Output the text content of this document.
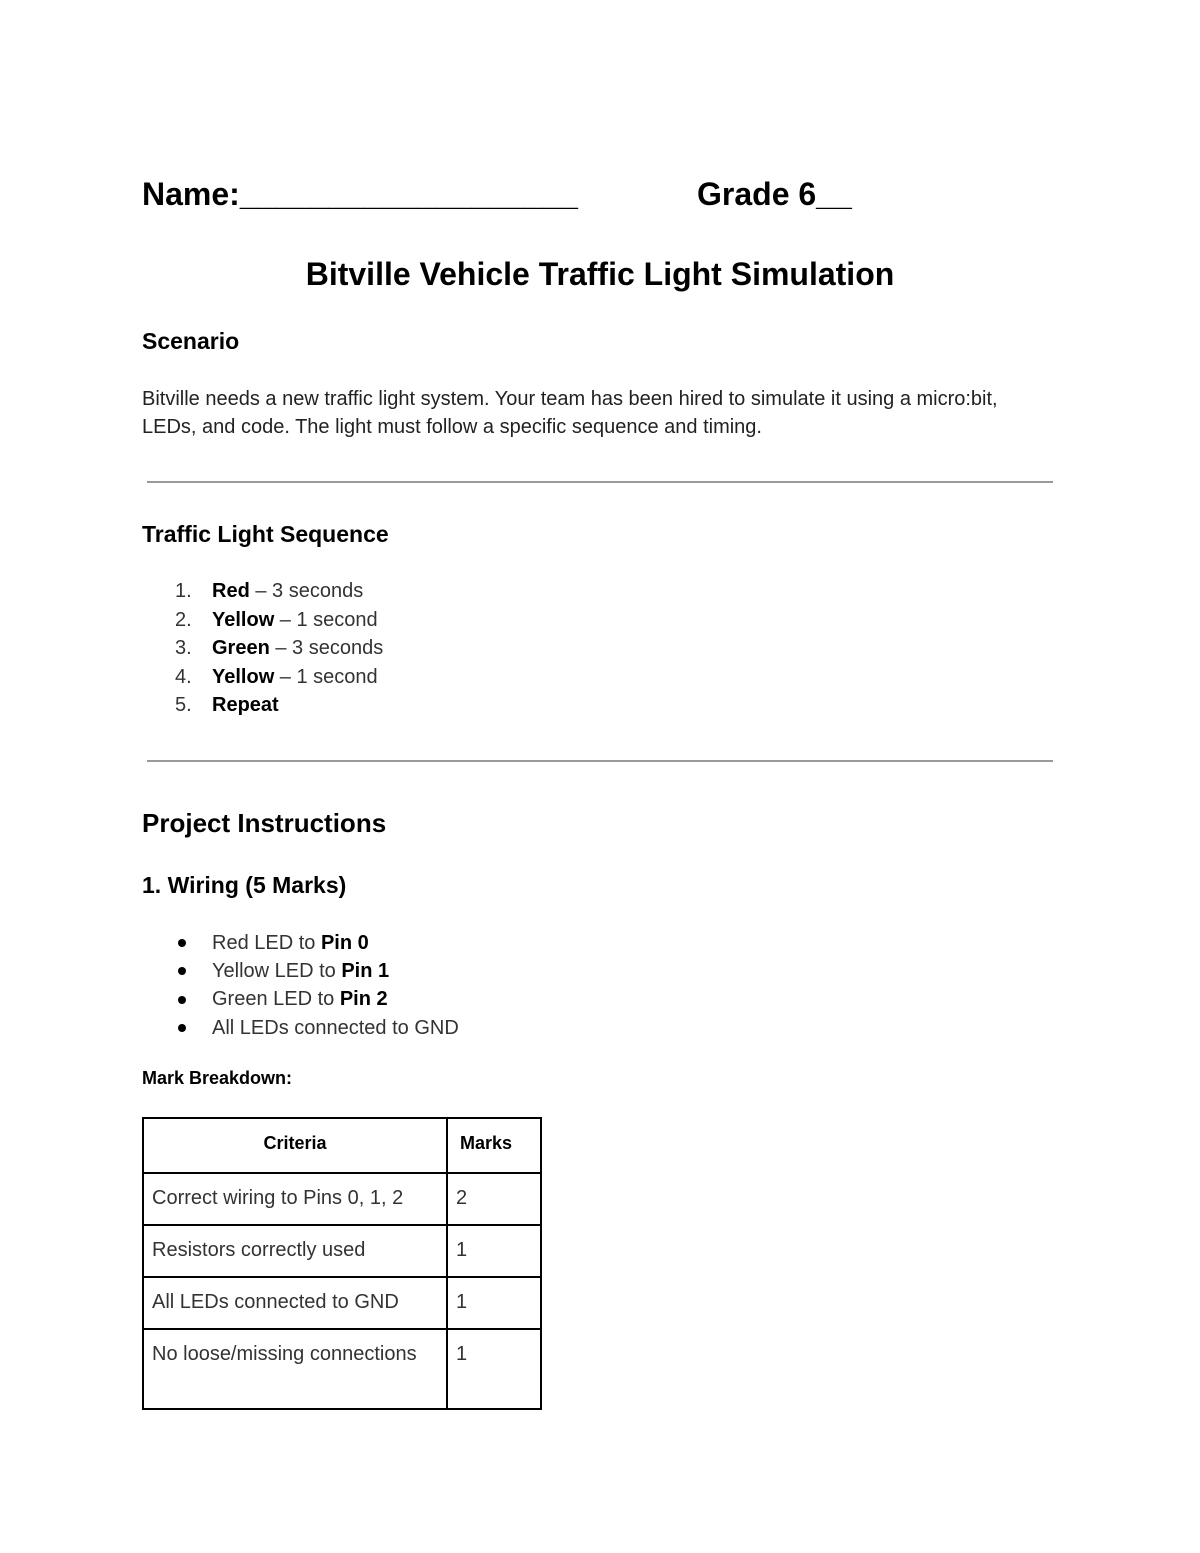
Name:___________________	Grade 6__
Bitville Vehicle Traffic Light Simulation
Scenario
Bitville needs a new traffic light system. Your team has been hired to simulate it using a micro:bit, LEDs, and code. The light must follow a specific sequence and timing.
Traffic Light Sequence
1.	Red – 3 seconds
2.	Yellow – 1 second
3.	Green – 3 seconds
4.	Yellow – 1 second
5.	Repeat
Project Instructions
1. Wiring (5 Marks)
Red LED to Pin 0
Yellow LED to Pin 1
Green LED to Pin 2
All LEDs connected to GND
Mark Breakdown:
Criteria	Marks
Correct wiring to Pins 0, 1, 2	2
Resistors correctly used	1
All LEDs connected to GND	1
No loose/missing connections	1
